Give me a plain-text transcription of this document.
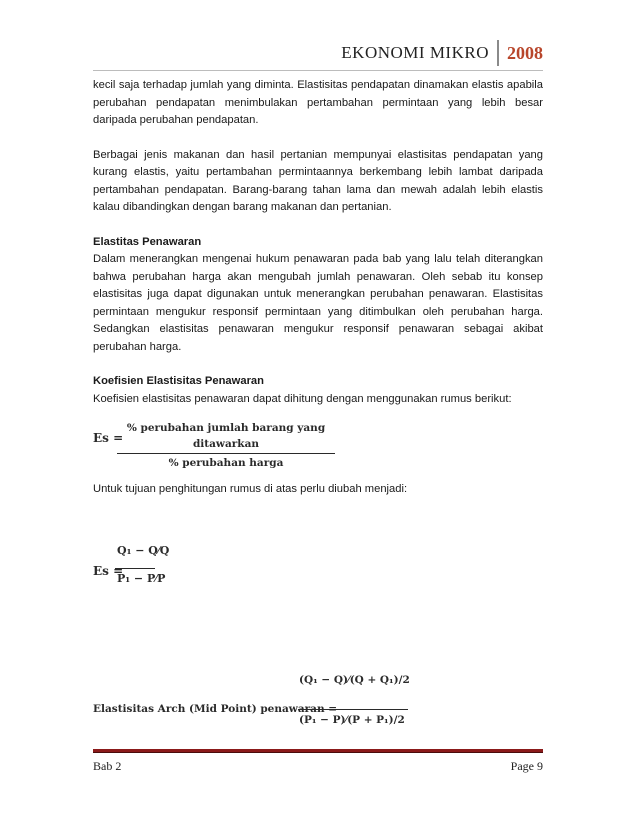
EKONOMI MIKRO	2008

kecil saja terhadap jumlah yang diminta. Elastisitas pendapatan dinamakan elastis apabila perubahan pendapatan menimbulakan pertambahan permintaan yang lebih besar daripada perubahan pendapatan.

Berbagai jenis makanan dan hasil pertanian mempunyai elastisitas pendapatan yang kurang elastis, yaitu pertambahan permintaannya berkembang lebih lambat daripada pertambahan pendapatan. Barang-barang tahan lama dan mewah adalah lebih elastis kalau dibandingkan dengan barang makanan dan pertanian.

Elastitas Penawaran

Dalam menerangkan mengenai hukum penawaran pada bab yang lalu telah diterangkan bahwa perubahan harga akan mengubah jumlah penawaran. Oleh sebab itu konsep elastisitas juga dapat digunakan untuk menerangkan perubahan penawaran. Elastisitas permintaan mengukur responsif permintaan yang ditimbulkan oleh perubahan harga. Sedangkan elastisitas penawaran mengukur responsif penawaran sebagai akibat perubahan harga.

Koefisien Elastisitas Penawaran

Koefisien elastisitas penawaran dapat dihitung dengan menggunakan rumus berikut:

Es =
% perubahan jumlah barang yang ditawarkan
% perubahan harga

Untuk tujuan penghitungan rumus di atas perlu diubah menjadi:

Es =
Q₁ − Q⁄Q
P₁ − P⁄P
Elastisitas Arch (Mid Point) penawaran =
(Q₁ − Q)⁄(Q + Q₁)/2
(P₁ − P)⁄(P + P₁)/2
Bab 2	Page 9
